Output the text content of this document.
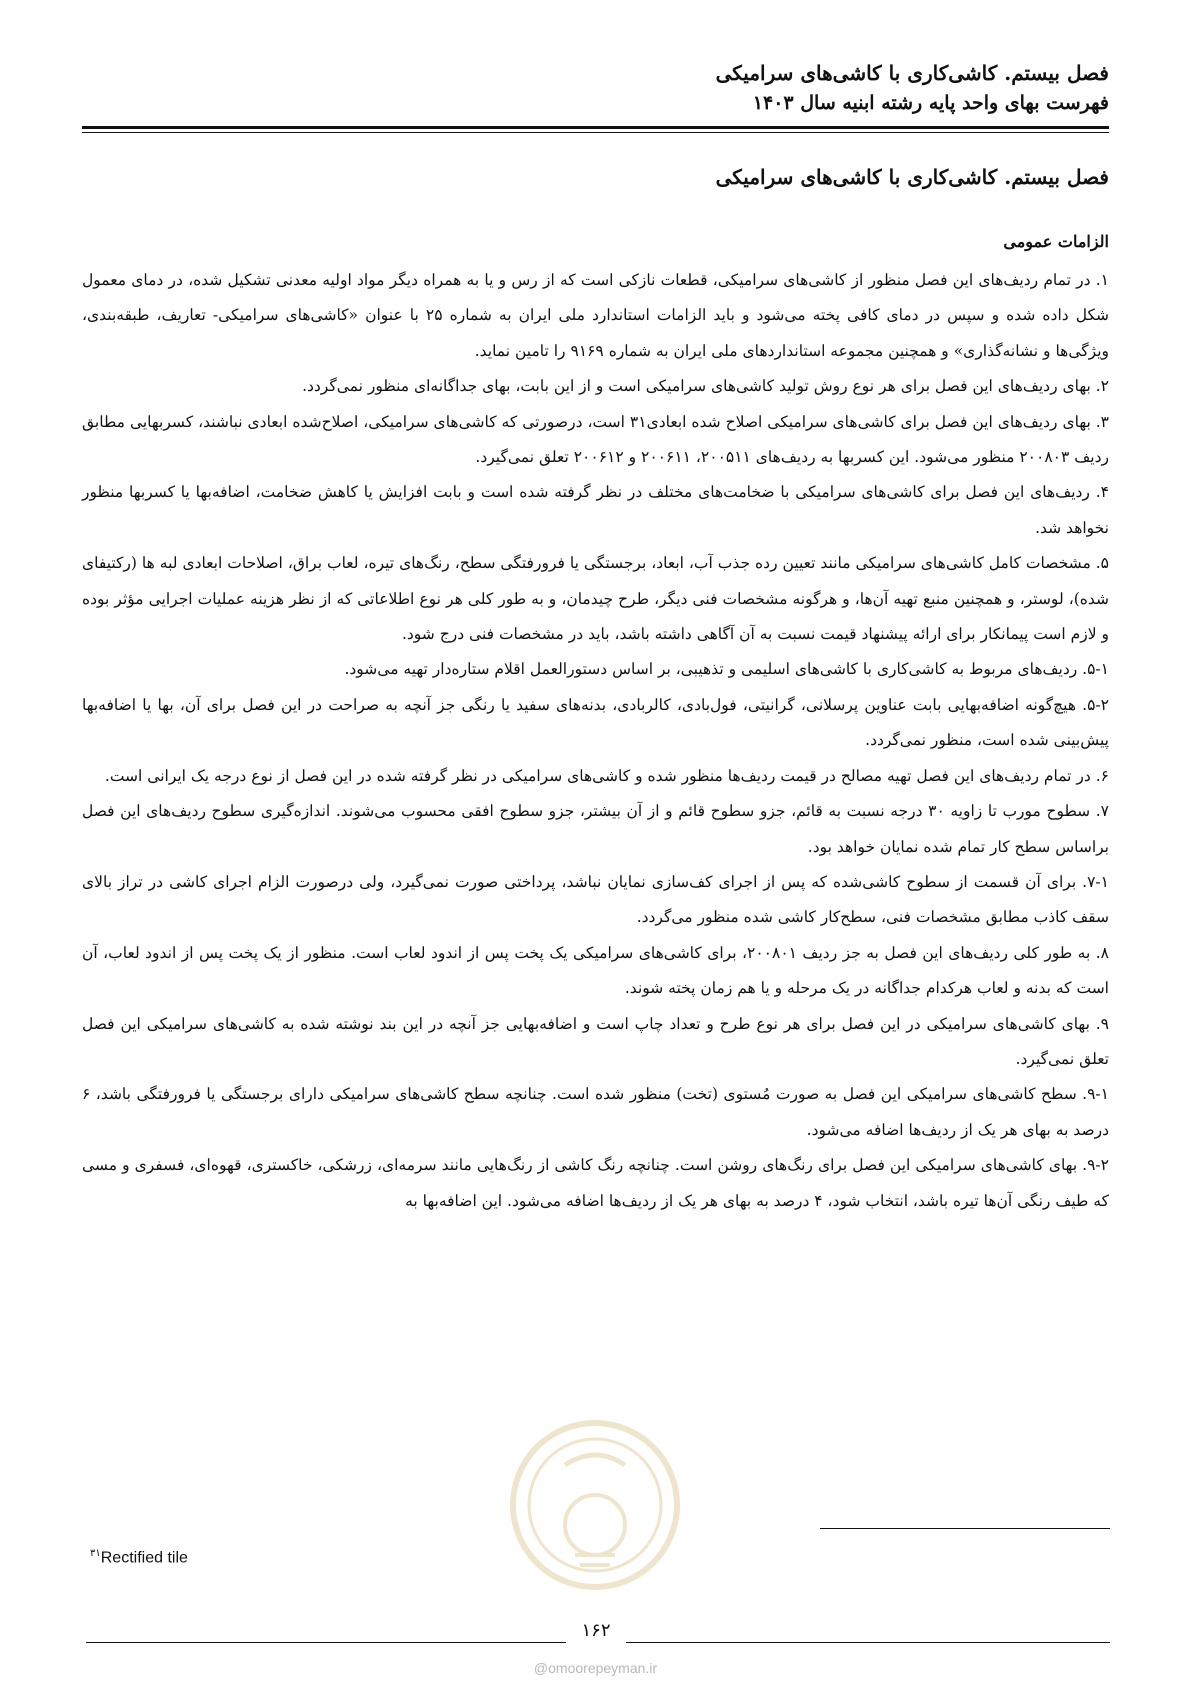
فصل بیستم. کاشی‌کاری با کاشی‌های سرامیکی
فهرست بهای واحد پایه رشته ابنیه سال ۱۴۰۳
فصل بیستم. کاشی‌کاری با کاشی‌های سرامیکی
الزامات عمومی

۱. در تمام ردیف‌های این فصل منظور از کاشی‌های سرامیکی، قطعات نازکی است که از رس و یا به همراه دیگر مواد اولیه معدنی تشکیل شده، در دمای معمول شکل داده شده و سپس در دمای کافی پخته می‌شود و باید الزامات استاندارد ملی ایران به شماره ۲۵ با عنوان «کاشی‌های سرامیکی- تعاریف، طبقه‌بندی، ویژگی‌ها و نشانه‌گذاری» و همچنین مجموعه استانداردهای ملی ایران به شماره ۹۱۶۹ را تامین نماید.

۲. بهای ردیف‌های این فصل برای هر نوع روش تولید کاشی‌های سرامیکی است و از این بابت، بهای جداگانه‌ای منظور نمی‌گردد.

۳. بهای ردیف‌های این فصل برای کاشی‌های سرامیکی اصلاح شده ابعادی۳۱ است، درصورتی که کاشی‌های سرامیکی، اصلاح‌شده ابعادی نباشند، کسربهایی مطابق ردیف ۲۰۰۸۰۳ منظور می‌شود. این کسربها به ردیف‌های ۲۰۰۵۱۱، ۲۰۰۶۱۱ و ۲۰۰۶۱۲ تعلق نمی‌گیرد.

۴. ردیف‌های این فصل برای کاشی‌های سرامیکی با ضخامت‌های مختلف در نظر گرفته شده است و بابت افزایش یا کاهش ضخامت، اضافه‌بها یا کسربها منظور نخواهد شد.

۵. مشخصات کامل کاشی‌های سرامیکی مانند تعیین رده جذب آب، ابعاد، برجستگی یا فرورفتگی سطح، رنگ‌های تیره، لعاب براق، اصلاحات ابعادی لبه ها (رکتیفای شده)، لوستر، و همچنین منبع تهیه آن‌ها، و هرگونه مشخصات فنی دیگر، طرح چیدمان، و به طور کلی هر نوع اطلاعاتی که از نظر هزینه عملیات اجرایی مؤثر بوده و لازم است پیمانکار برای ارائه پیشنهاد قیمت نسبت به آن آگاهی داشته باشد، باید در مشخصات فنی درج شود.

۵-۱. ردیف‌های مربوط به کاشی‌کاری با کاشی‌های اسلیمی و تذهیبی، بر اساس دستورالعمل اقلام ستاره‌دار تهیه می‌شود.

۵-۲. هیچ‌گونه اضافه‌بهایی بابت عناوین پرسلانی، گرانیتی، فول‌بادی، کالربادی، بدنه‌های سفید یا رنگی جز آنچه به صراحت در این فصل برای آن، بها یا اضافه‌بها پیش‌بینی شده است، منظور نمی‌گردد.

۶. در تمام ردیف‌های این فصل تهیه مصالح در قیمت ردیف‌ها منظور شده و کاشی‌های سرامیکی در نظر گرفته شده در این فصل از نوع درجه یک ایرانی است.

۷. سطوح مورب تا زاویه ۳۰ درجه نسبت به قائم، جزو سطوح قائم و از آن بیشتر، جزو سطوح افقی محسوب می‌شوند. اندازه‌گیری سطوح ردیف‌های این فصل براساس سطح کار تمام شده نمایان خواهد بود.

۷-۱. برای آن قسمت از سطوح کاشی‌شده که پس از اجرای کف‌سازی نمایان نباشد، پرداختی صورت نمی‌گیرد، ولی درصورت الزام اجرای کاشی در تراز بالای سقف کاذب مطابق مشخصات فنی، سطح‌کار کاشی شده منظور می‌گردد.

۸. به طور کلی ردیف‌های این فصل به جز ردیف ۲۰۰۸۰۱، برای کاشی‌های سرامیکی یک پخت پس از اندود لعاب است. منظور از یک پخت پس از اندود لعاب، آن است که بدنه و لعاب هرکدام جداگانه در یک مرحله و یا هم زمان پخته شوند.

۹. بهای کاشی‌های سرامیکی در این فصل برای هر نوع طرح و تعداد چاپ است و اضافه‌بهایی جز آنچه در این بند نوشته شده به کاشی‌های سرامیکی این فصل تعلق نمی‌گیرد.

۹-۱. سطح کاشی‌های سرامیکی این فصل به صورت مُستوی (تخت) منظور شده است. چنانچه سطح کاشی‌های سرامیکی دارای برجستگی یا فرورفتگی باشد، ۶ درصد به بهای هر یک از ردیف‌ها اضافه می‌شود.

۹-۲. بهای کاشی‌های سرامیکی این فصل برای رنگ‌های روشن است. چنانچه رنگ کاشی از رنگ‌هایی مانند سرمه‌ای، زرشکی، خاکستری، قهوه‌ای، فسفری و مسی که طیف رنگی آن‌ها تیره باشد، انتخاب شود، ۴ درصد به بهای هر یک از ردیف‌ها اضافه می‌شود. این اضافه‌بها به

$^{۳۱}$Rectified tile
۱۶۲
@omoorepeyman.ir
